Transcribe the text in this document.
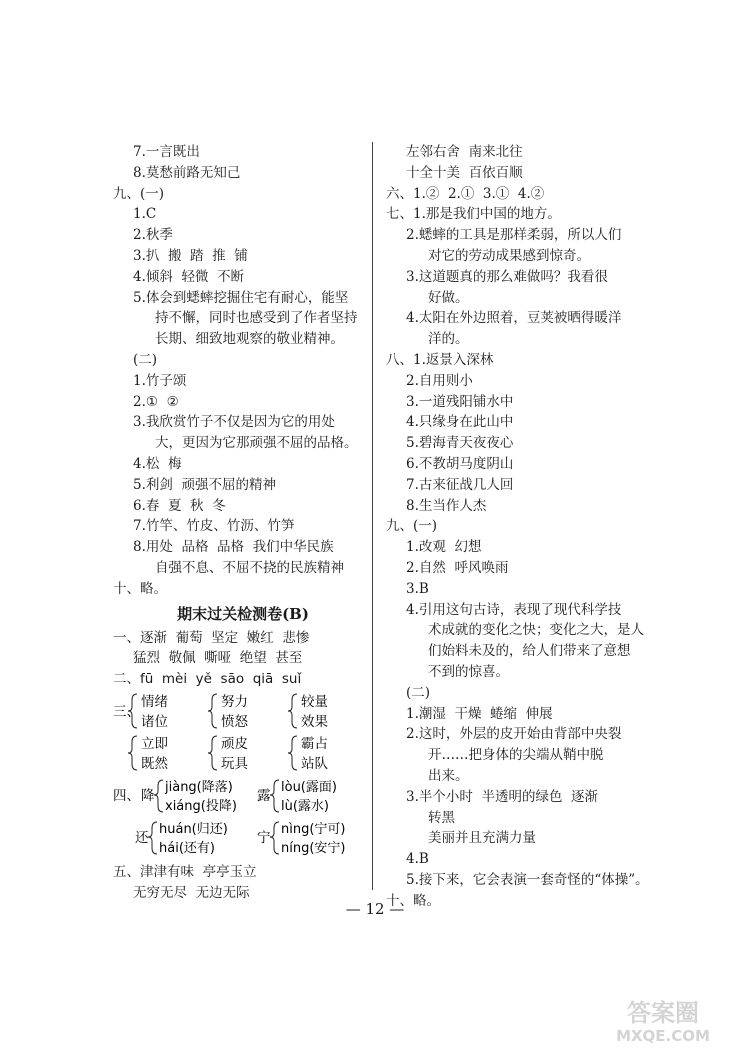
7.一言既出
8.莫愁前路无知己
九、(一)
1.C
2.秋季
3.扒  搬  踏  推  铺
4.倾斜  轻微  不断
5.体会到蟋蟀挖掘住宅有耐心，能坚
持不懈，同时也感受到了作者坚持
长期、细致地观察的敬业精神。
(二)
1.竹子颂
2.①  ②
3.我欣赏竹子不仅是因为它的用处
大，更因为它那顽强不屈的品格。
4.松  梅
5.利剑  顽强不屈的精神
6.春  夏  秋  冬
7.竹竿、竹皮、竹沥、竹笋
8.用处  品格  品格  我们中华民族
自强不息、不屈不挠的民族精神
十、略。
期末过关检测卷(B)
一、逐渐  葡萄  坚定  嫩红  悲惨
猛烈  敬佩  嘶哑  绝望  甚至
二、fū  mèi  yě  sāo  qiā  suǐ
三、
情绪
诸位
努力
愤怒
较量
效果
立即
既然
顽皮
玩具
霸占
站队
四、 降
jiàng(降落)
xiáng(投降)
露
lòu(露面)
lù(露水)
还
huán(归还)
hái(还有)
宁
nìng(宁可)
níng(安宁)
五、津津有味  亭亭玉立
无穷无尽  无边无际
左邻右舍  南来北往
十全十美  百依百顺
六、1.②  2.①  3.①  4.②
七、1.那是我们中国的地方。
2.蟋蟀的工具是那样柔弱，所以人们
对它的劳动成果感到惊奇。
3.这道题真的那么难做吗？我看很
好做。
4.太阳在外边照着，豆荚被晒得暖洋
洋的。
八、1.返景入深林
2.自用则小
3.一道残阳铺水中
4.只缘身在此山中
5.碧海青天夜夜心
6.不教胡马度阴山
7.古来征战几人回
8.生当作人杰
九、(一)
1.改观  幻想
2.自然  呼风唤雨
3.B
4.引用这句古诗，表现了现代科学技
术成就的变化之快；变化之大，是人
们始料未及的，给人们带来了意想
不到的惊喜。
(二)
1.潮湿  干燥  蜷缩  伸展
2.这时，外层的皮开始由背部中央裂
开……把身体的尖端从鞘中脱
出来。
3.半个小时  半透明的绿色  逐渐
转黑
美丽并且充满力量
4.B
5.接下来，它会表演一套奇怪的“体操”。
十、略。
— 12 —
答案圈
MXQE.COM
